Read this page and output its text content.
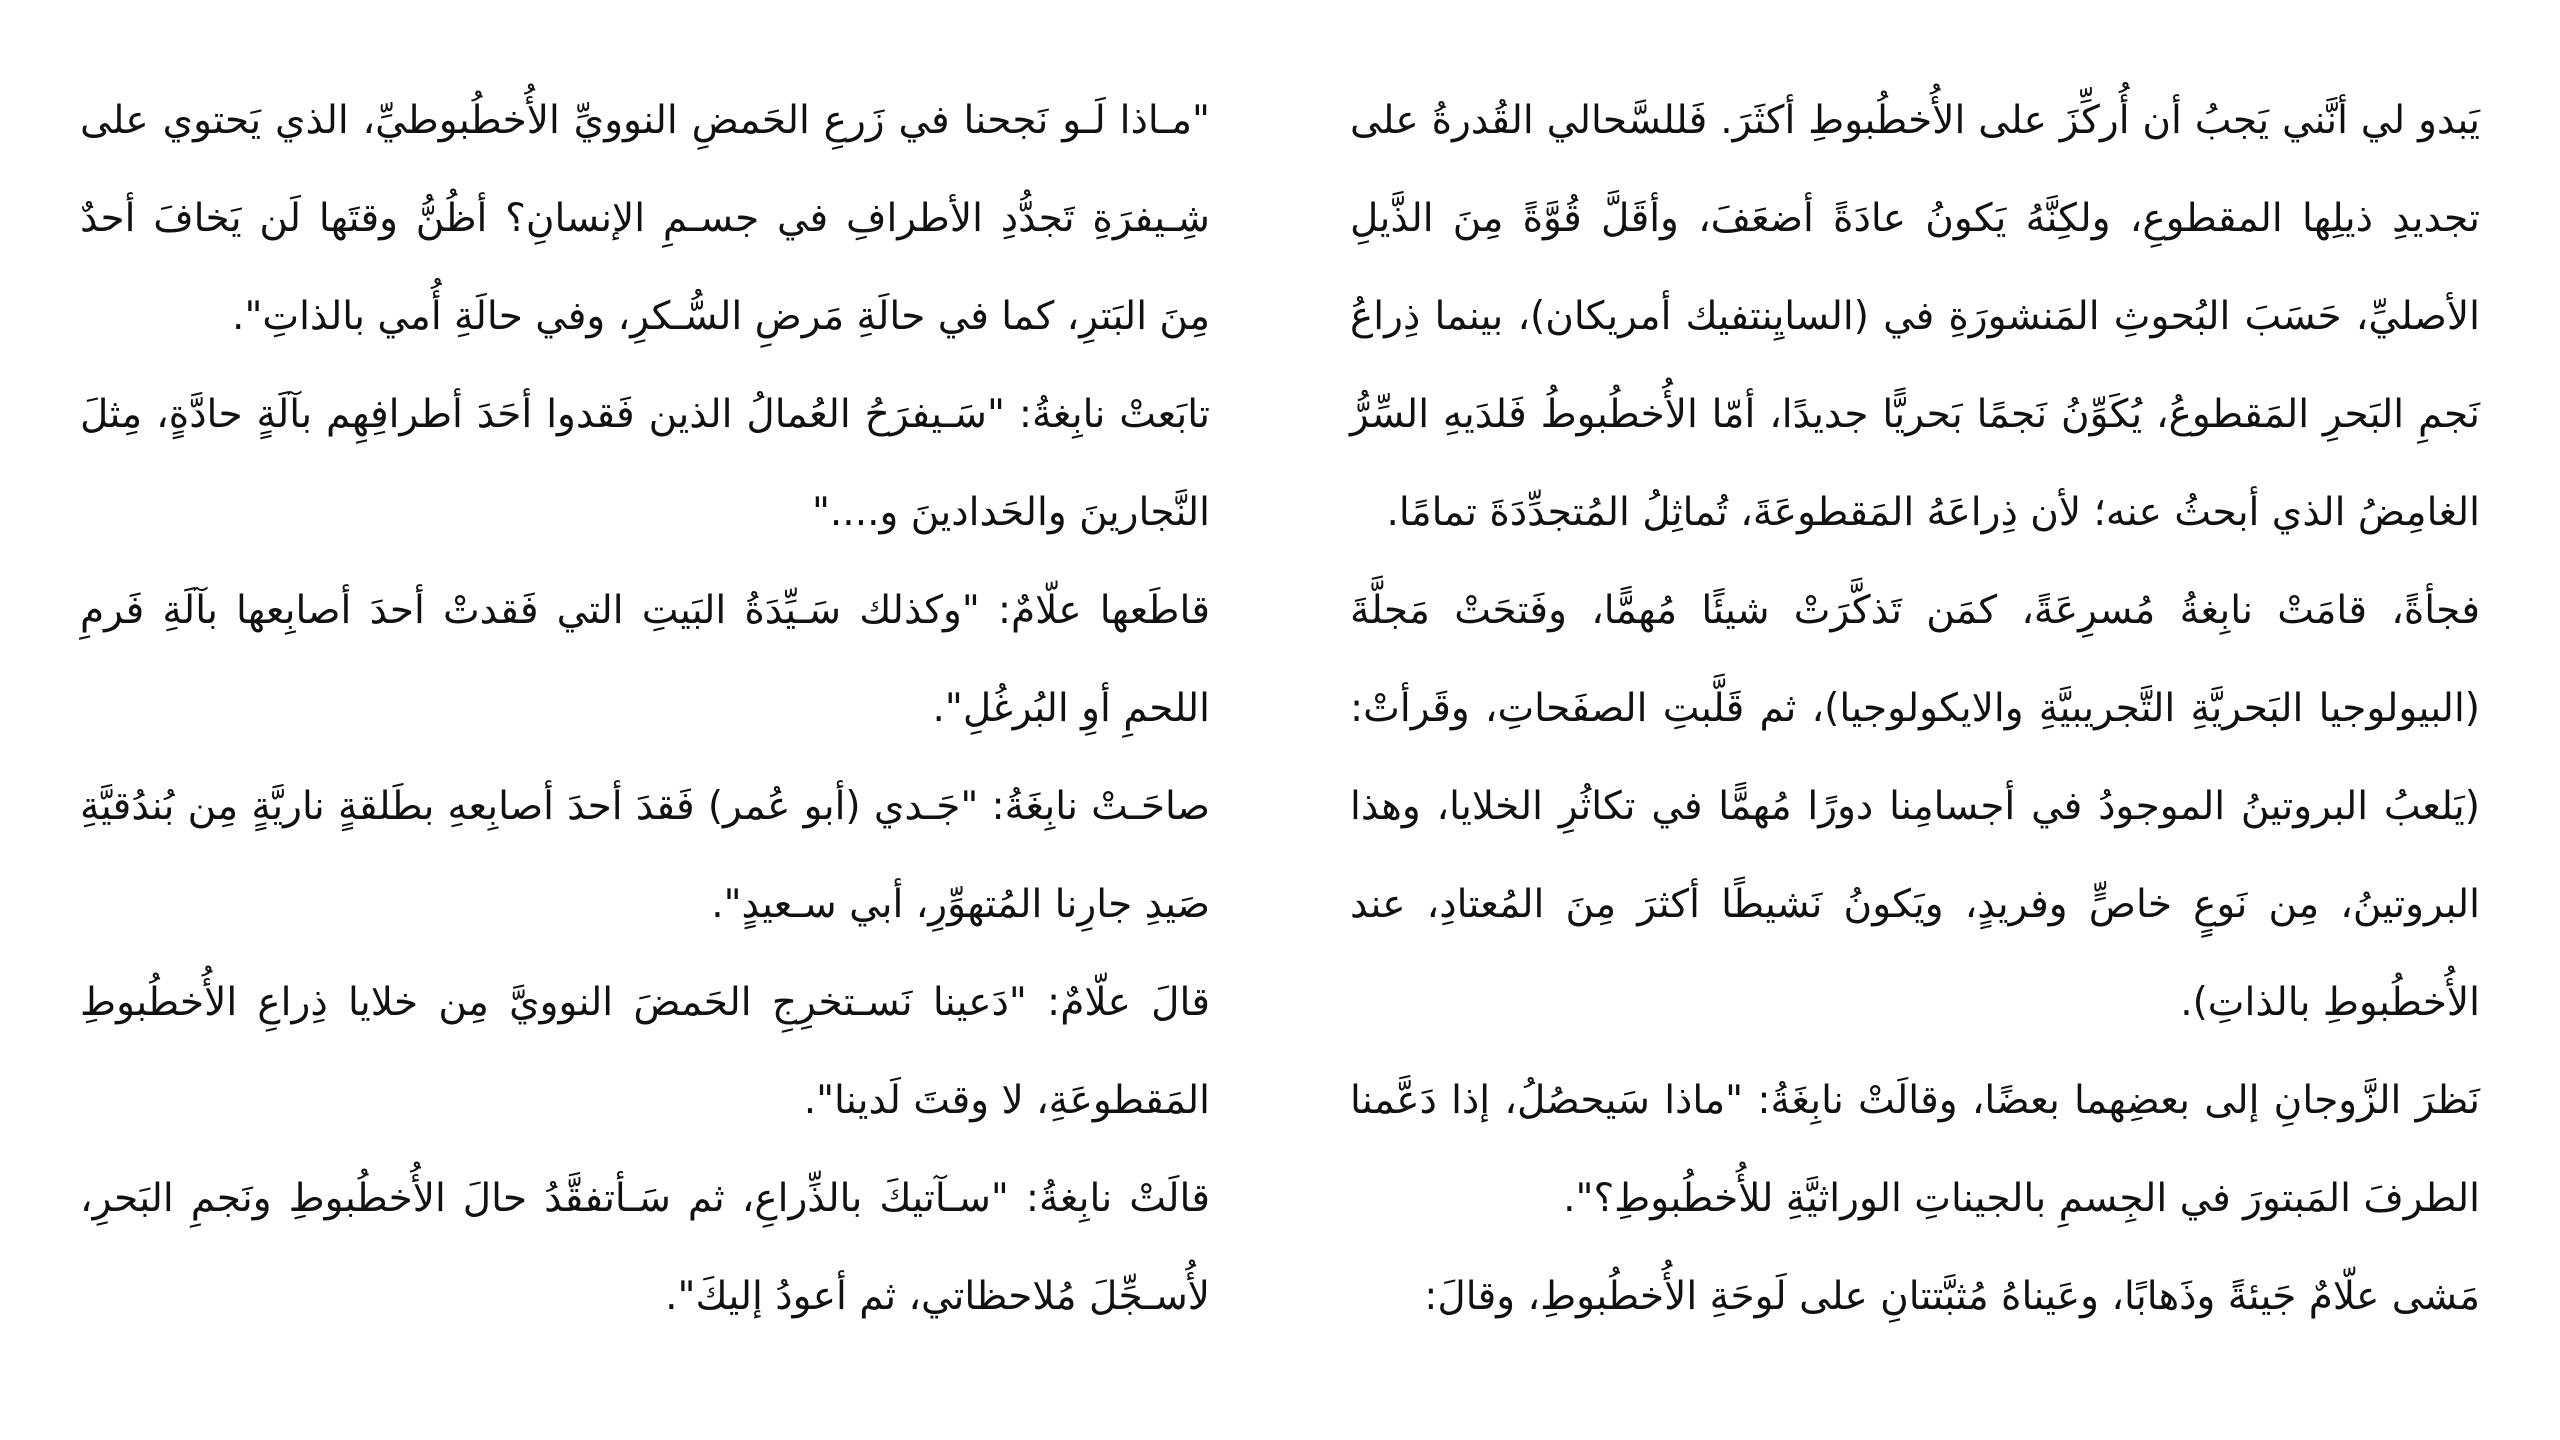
يَبدو لي أنَّني يَجبُ أن أُركِّزَ على الأُخطُبوطِ أكثَرَ. فَللسَّحالي القُدرةُ على تجديدِ ذيلِها المقطوعِ، ولكِنَّهُ يَكونُ عادَةً أضعَفَ، وأقَلَّ قُوَّةً مِنَ الذَّيلِ الأصليِّ، حَسَبَ البُحوثِ المَنشورَةِ في (السايِنتفيك أمريكان)، بينما ذِراعُ نَجمِ البَحرِ المَقطوعُ، يُكَوِّنُ نَجمًا بَحريًّا جديدًا، أمّا الأُخطُبوطُ فَلدَيهِ السِّرُّ الغامِضُ الذي أبحثُ عنه؛ لأن ذِراعَهُ المَقطوعَةَ، تُماثِلُ المُتجدِّدَةَ تمامًا.

فجأةً، قامَتْ نابِغةُ مُسرِعَةً، كمَن تَذكَّرَتْ شيئًا مُهمًّا، وفَتحَتْ مَجلَّةَ (البيولوجيا البَحريَّةِ التَّجريبيَّةِ والايكولوجيا)، ثم قَلَّبتِ الصفَحاتِ، وقَرأتْ: (يَلعبُ البروتينُ الموجودُ في أجسامِنا دورًا مُهمًّا في تكاثُرِ الخلايا، وهذا البروتينُ، مِن نَوعٍ خاصٍّ وفريدٍ، ويَكونُ نَشيطًا أكثرَ مِنَ المُعتادِ، عند الأُخطُبوطِ بالذاتِ).

نَظرَ الزَّوجانِ إلى بعضِهما بعضًا، وقالَتْ نابِغَةُ: "ماذا سَيحصُلُ، إذا دَعَّمنا الطرفَ المَبتورَ في الجِسمِ بالجيناتِ الوراثيَّةِ للأُخطُبوطِ؟".

مَشى علّامٌ جَيئةً وذَهابًا، وعَيناهُ مُثبَّتتانِ على لَوحَةِ الأُخطُبوطِ، وقالَ:

"مـاذا لَـو نَجحنا في زَرعِ الحَمضِ النوويِّ الأُخطُبوطيِّ، الذي يَحتوي على شِـيفرَةِ تَجدُّدِ الأطرافِ في جسـمِ الإنسانِ؟ أظُنُّ وقتَها لَن يَخافَ أحدٌ مِنَ البَترِ، كما في حالَةِ مَرضِ السُّـكرِ، وفي حالَةِ أُمي بالذاتِ".

تابَعتْ نابِغةُ: "سَـيفرَحُ العُمالُ الذين فَقدوا أحَدَ أطرافِهِم بآلَةٍ حادَّةٍ، مِثلَ النَّجارينَ والحَدادينَ و...."

قاطَعها علّامٌ: "وكذلك سَـيِّدَةُ البَيتِ التي فَقدتْ أحدَ أصابِعها بآلَةِ فَرمِ اللحمِ أوِ البُرغُلِ".

صاحَـتْ نابِغَةُ: "جَـدي (أبو عُمر) فَقدَ أحدَ أصابِعهِ بطَلقةٍ ناريَّةٍ مِن بُندُقيَّةِ صَيدِ جارِنا المُتهوِّرِ، أبي سـعيدٍ".

قالَ علّامٌ: "دَعينا نَسـتخرِجِ الحَمضَ النوويَّ مِن خلايا ذِراعِ الأُخطُبوطِ المَقطوعَةِ، لا وقتَ لَدينا".

قالَتْ نابِغةُ: "سـآتيكَ بالذِّراعِ، ثم سَـأتفقَّدُ حالَ الأُخطُبوطِ ونَجمِ البَحرِ، لأُسـجِّلَ مُلاحظاتي، ثم أعودُ إليكَ".
